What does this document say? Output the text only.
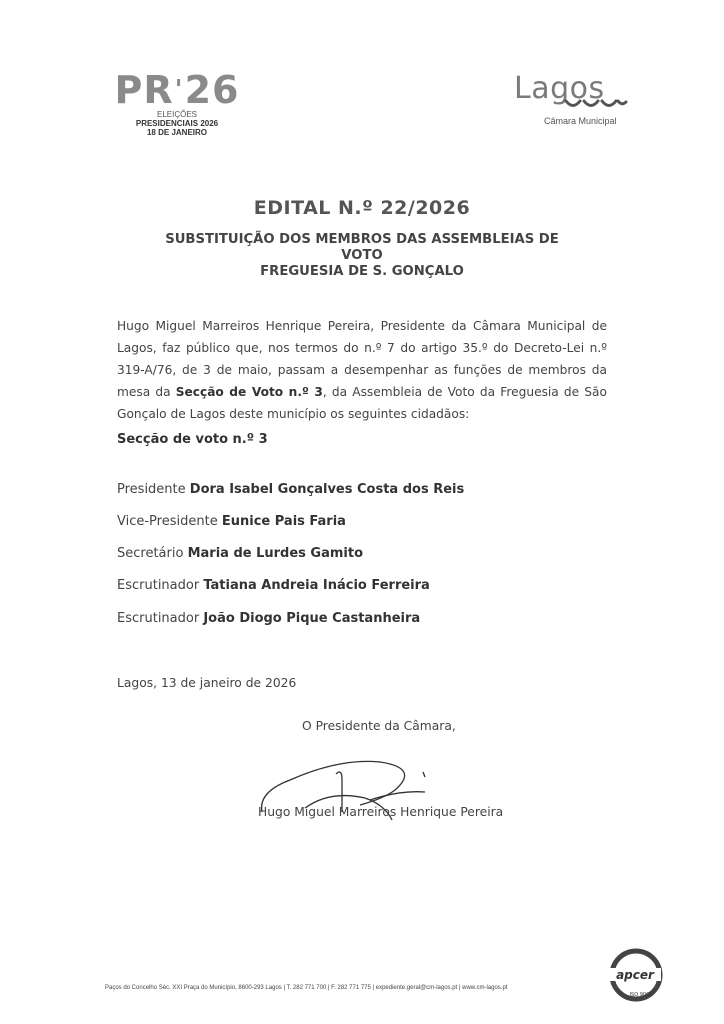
PR'26
ELEIÇÕES
PRESIDENCIAIS 2026
18 DE JANEIRO
Lagos
Câmara Municipal
EDITAL N.º 22/2026
SUBSTITUIÇÃO DOS MEMBROS DAS ASSEMBLEIAS DE
VOTO
FREGUESIA DE S. GONÇALO
Hugo Miguel Marreiros Henrique Pereira, Presidente da Câmara Municipal de Lagos, faz público que, nos termos do n.º 7 do artigo 35.º do Decreto-Lei n.º 319-A/76, de 3 de maio, passam a desempenhar as funções de membros da mesa da Secção de Voto n.º 3, da Assembleia de Voto da Freguesia de São Gonçalo de Lagos deste município os seguintes cidadãos:
Secção de voto n.º 3
Presidente Dora Isabel Gonçalves Costa dos Reis
Vice-Presidente Eunice Pais Faria
Secretário Maria de Lurdes Gamito
Escrutinador Tatiana Andreia Inácio Ferreira
Escrutinador João Diogo Pique Castanheira
Lagos, 13 de janeiro de 2026
O Presidente da Câmara,
Hugo Miguel Marreiros Henrique Pereira
Paços do Concelho Séc. XXI Praça do Município, 8600-293 Lagos | T. 282 771 700 | F. 282 771 775 | expediente.geral@cm-lagos.pt | www.cm-lagos.pt
apcer
ISO 9001
